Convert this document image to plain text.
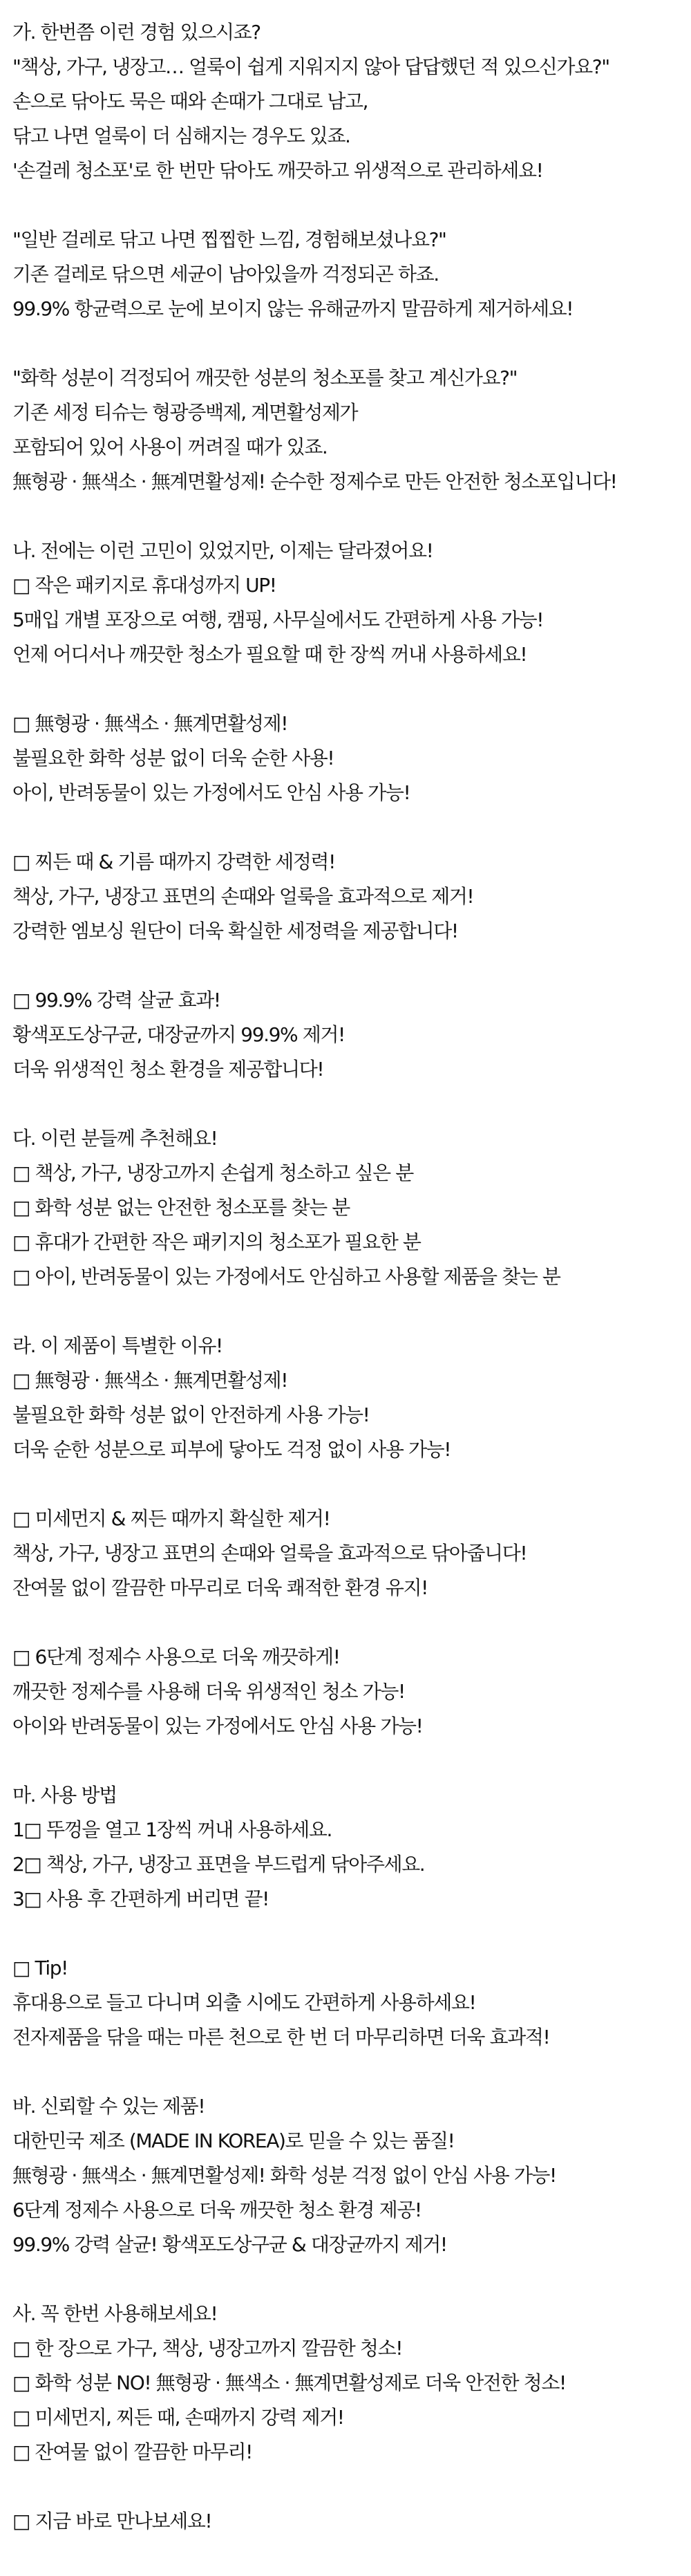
가. 한번쯤 이런 경험 있으시죠?

"책상, 가구, 냉장고… 얼룩이 쉽게 지워지지 않아 답답했던 적 있으신가요?"

손으로 닦아도 묵은 때와 손때가 그대로 남고,

닦고 나면 얼룩이 더 심해지는 경우도 있죠.

'손걸레 청소포'로 한 번만 닦아도 깨끗하고 위생적으로 관리하세요!

"일반 걸레로 닦고 나면 찝찝한 느낌, 경험해보셨나요?"

기존 걸레로 닦으면 세균이 남아있을까 걱정되곤 하죠.

99.9% 항균력으로 눈에 보이지 않는 유해균까지 말끔하게 제거하세요!

"화학 성분이 걱정되어 깨끗한 성분의 청소포를 찾고 계신가요?"

기존 세정 티슈는 형광증백제, 계면활성제가

포함되어 있어 사용이 꺼려질 때가 있죠.

無형광 · 無색소 · 無계면활성제! 순수한 정제수로 만든 안전한 청소포입니다!

나. 전에는 이런 고민이 있었지만, 이제는 달라졌어요!

□ 작은 패키지로 휴대성까지 UP!

5매입 개별 포장으로 여행, 캠핑, 사무실에서도 간편하게 사용 가능!

언제 어디서나 깨끗한 청소가 필요할 때 한 장씩 꺼내 사용하세요!

□ 無형광 · 無색소 · 無계면활성제!

불필요한 화학 성분 없이 더욱 순한 사용!

아이, 반려동물이 있는 가정에서도 안심 사용 가능!

□ 찌든 때 & 기름 때까지 강력한 세정력!

책상, 가구, 냉장고 표면의 손때와 얼룩을 효과적으로 제거!

강력한 엠보싱 원단이 더욱 확실한 세정력을 제공합니다!

□ 99.9% 강력 살균 효과!

황색포도상구균, 대장균까지 99.9% 제거!

더욱 위생적인 청소 환경을 제공합니다!

다. 이런 분들께 추천해요!

□ 책상, 가구, 냉장고까지 손쉽게 청소하고 싶은 분

□ 화학 성분 없는 안전한 청소포를 찾는 분

□ 휴대가 간편한 작은 패키지의 청소포가 필요한 분

□ 아이, 반려동물이 있는 가정에서도 안심하고 사용할 제품을 찾는 분

라. 이 제품이 특별한 이유!

□ 無형광 · 無색소 · 無계면활성제!

불필요한 화학 성분 없이 안전하게 사용 가능!

더욱 순한 성분으로 피부에 닿아도 걱정 없이 사용 가능!

□ 미세먼지 & 찌든 때까지 확실한 제거!

책상, 가구, 냉장고 표면의 손때와 얼룩을 효과적으로 닦아줍니다!

잔여물 없이 깔끔한 마무리로 더욱 쾌적한 환경 유지!

□ 6단계 정제수 사용으로 더욱 깨끗하게!

깨끗한 정제수를 사용해 더욱 위생적인 청소 가능!

아이와 반려동물이 있는 가정에서도 안심 사용 가능!

마. 사용 방법

1□ 뚜껑을 열고 1장씩 꺼내 사용하세요.

2□ 책상, 가구, 냉장고 표면을 부드럽게 닦아주세요.

3□ 사용 후 간편하게 버리면 끝!

□ Tip!

휴대용으로 들고 다니며 외출 시에도 간편하게 사용하세요!

전자제품을 닦을 때는 마른 천으로 한 번 더 마무리하면 더욱 효과적!

바. 신뢰할 수 있는 제품!

대한민국 제조 (MADE IN KOREA)로 믿을 수 있는 품질!

無형광 · 無색소 · 無계면활성제! 화학 성분 걱정 없이 안심 사용 가능!

6단계 정제수 사용으로 더욱 깨끗한 청소 환경 제공!

99.9% 강력 살균! 황색포도상구균 & 대장균까지 제거!

사. 꼭 한번 사용해보세요!

□ 한 장으로 가구, 책상, 냉장고까지 깔끔한 청소!

□ 화학 성분 NO! 無형광 · 無색소 · 無계면활성제로 더욱 안전한 청소!

□ 미세먼지, 찌든 때, 손때까지 강력 제거!

□ 잔여물 없이 깔끔한 마무리!

□ 지금 바로 만나보세요!
